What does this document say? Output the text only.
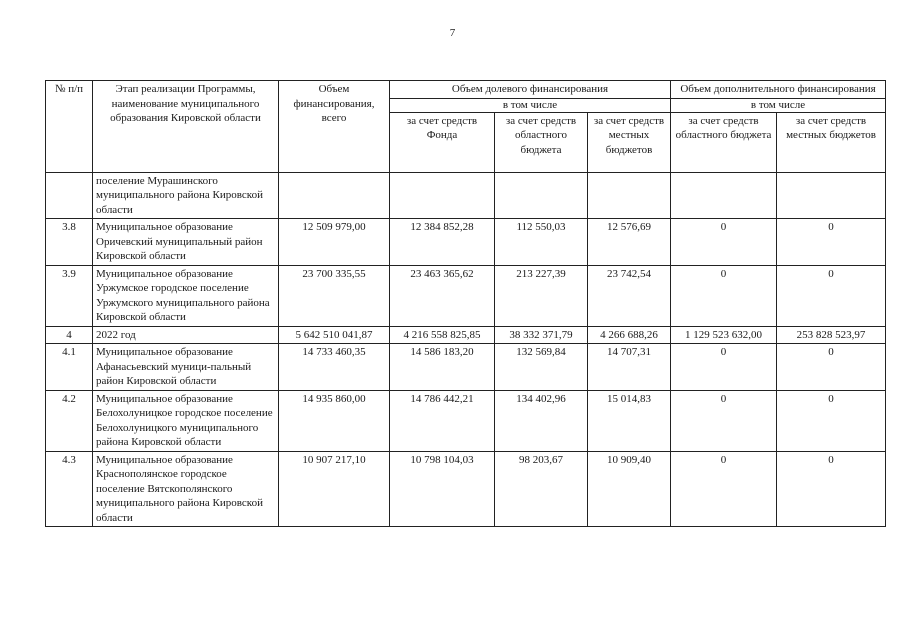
7
№ п/п	Этап реализации Программы, наименование муниципального образования Кировской области	Объем финансирования, всего	Объем долевого финансирования			Объем дополнительного финансирования	
			в том числе			в том числе	
			за счет средств Фонда	за счет средств областного бюджета	за счет средств местных бюджетов	за счет средств областного бюджета	за счет средств местных бюджетов
	поселение Мурашинского муниципального района Кировской области						
3.8	Муниципальное образование Оричевский муниципальный район Кировской области	12 509 979,00	12 384 852,28	112 550,03	12 576,69	0	0
3.9	Муниципальное образование Уржумское городское поселение Уржумского муниципального района Кировской области	23 700 335,55	23 463 365,62	213 227,39	23 742,54	0	0
4	2022 год	5 642 510 041,87	4 216 558 825,85	38 332 371,79	4 266 688,26	1 129 523 632,00	253 828 523,97
4.1	Муниципальное образование Афанасьевский муници-пальный район Кировской области	14 733 460,35	14 586 183,20	132 569,84	14 707,31	0	0
4.2	Муниципальное образование Белохолуницкое городское поселение Белохолуницкого муниципального района Кировской области	14 935 860,00	14 786 442,21	134 402,96	15 014,83	0	0
4.3	Муниципальное образование Краснополянское городское поселение Вятскополянского муниципального района Кировской области	10 907 217,10	10 798 104,03	98 203,67	10 909,40	0	0
